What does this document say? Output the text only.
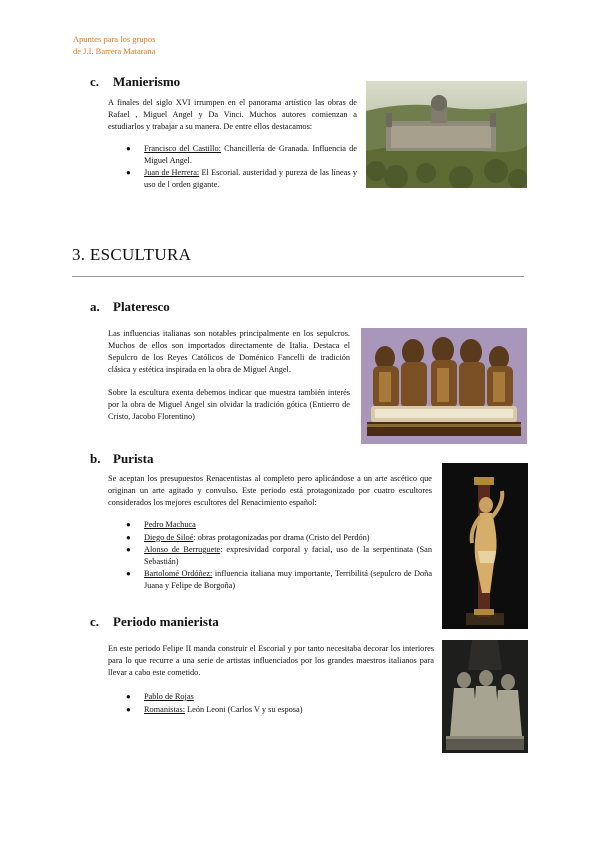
Apuntes para los grupos
de J.I. Barrera Matarana
c. Manierismo

A finales del siglo XVI irrumpen en el panorama artístico las obras de Rafael , Miguel Angel y Da Vinci. Muchos autores comienzan a estudiarlos y trabajar a su manera. De entre ellos destacamos:

● Francisco del Castillo: Chancillería de Granada. Influencia de Miguel Angel.
● Juan de Herrera: El Escorial. austeridad y pureza de las líneas y uso de l orden gigante.
3. ESCULTURA
a. Plateresco

Las influencias italianas son notables principalmente en los sepulcros. Muchos de ellos son importados directamente de Italia. Destaca el Sepulcro de los Reyes Católicos de Doménico Fancelli de tradición clásica y estética inspirada en la obra de Miguel Angel.

Sobre la escultura exenta debemos indicar que muestra también interés por la obra de Miguel Angel sin olvidar la tradición gótica (Entierro de Cristo, Jacobo Florentino)

b. Purista

Se aceptan los presupuestos Renacentistas al completo pero aplicándose a un arte ascético que originan un arte agitado y convulso. Este periodo está protagonizado por cuatro escultores considerados los mejores escultores del Renacimiento español:

● Pedro Machuca
● Diego de Siloé: obras protagonizadas por drama (Cristo del Perdón)
● Alonso de Berruguete: expresividad corporal y facial, uso de la serpentinata (San Sebastián)
● Bartolomé Ordóñez: influencia italiana muy importante, Terribilitá (sepulcro de Doña Juana y Felipe de Borgoña)
c. Periodo manierista

En este periodo Felipe II manda construir el Escorial y por tanto necesitaba decorar los interiores para lo que recurre a una serie de artistas influenciados por los grandes maestros italianos para llevar a cabo este cometido.

● Pablo de Rojas
● Romanistas: León Leoni (Carlos V y su esposa)
